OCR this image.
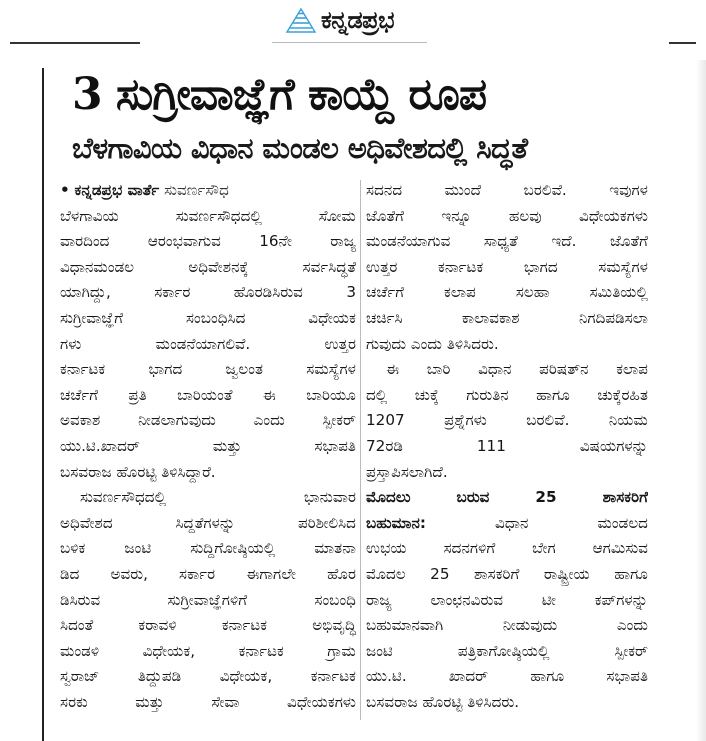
ಕನ್ನಡಪ್ರಭ
3 ಸುಗ್ರೀವಾಜ್ಞೆಗೆ ಕಾಯ್ದೆ ರೂಪ
ಬೆಳಗಾವಿಯ ವಿಧಾನ ಮಂಡಲ ಅಧಿವೇಶದಲ್ಲಿ ಸಿದ್ಧತೆ
• ಕನ್ನಡಪ್ರಭ ವಾರ್ತೆ ಸುವರ್ಣಸೌಧ
ಬೆಳಗಾವಿಯ ಸುವರ್ಣಸೌಧದಲ್ಲಿ ಸೋಮ
ವಾರದಿಂದ ಆರಂಭವಾಗುವ 16ನೇ ರಾಜ್ಯ
ವಿಧಾನಮಂಡಲ ಅಧಿವೇಶನಕ್ಕೆ ಸರ್ವಸಿದ್ಧತೆ
ಯಾಗಿದ್ದು, ಸರ್ಕಾರ ಹೊರಡಿಸಿರುವ 3
ಸುಗ್ರೀವಾಜ್ಞೆಗೆ ಸಂಬಂಧಿಸಿದ ವಿಧೇಯಕ
ಗಳು ಮಂಡನೆಯಾಗಲಿವೆ. ಉತ್ತರ
ಕರ್ನಾಟಕ ಭಾಗದ ಜ್ವಲಂತ ಸಮಸ್ಯೆಗಳ
ಚರ್ಚೆಗೆ ಪ್ರತಿ ಬಾರಿಯಂತೆ ಈ ಬಾರಿಯೂ
ಅವಕಾಶ ನೀಡಲಾಗುವುದು ಎಂದು ಸ್ಪೀಕರ್
ಯು.ಟಿ.ಖಾದರ್ ಮತ್ತು ಸಭಾಪತಿ
ಬಸವರಾಜ ಹೊರಟ್ಟಿ ತಿಳಿಸಿದ್ದಾರೆ.
ಸುವರ್ಣಸೌಧದಲ್ಲಿ ಭಾನುವಾರ
ಅಧಿವೇಶದ ಸಿದ್ದತೆಗಳನ್ನು ಪರಿಶೀಲಿಸಿದ
ಬಳಿಕ ಜಂಟಿ ಸುದ್ದಿಗೋಷ್ಠಿಯಲ್ಲಿ ಮಾತನಾ
ಡಿದ ಅವರು, ಸರ್ಕಾರ ಈಗಾಗಲೇ ಹೊರ
ಡಿಸಿರುವ ಸುಗ್ರೀವಾಜ್ಞೆಗಳಿಗೆ ಸಂಬಂಧಿ
ಸಿದಂತೆ ಕರಾವಳಿ ಕರ್ನಾಟಕ ಅಭಿವೃದ್ಧಿ
ಮಂಡಳಿ ವಿಧೇಯಕ, ಕರ್ನಾಟಕ ಗ್ರಾಮ
ಸ್ವರಾಜ್ ತಿದ್ದುಪಡಿ ವಿಧೇಯಕ, ಕರ್ನಾಟಕ
ಸರಕು ಮತ್ತು ಸೇವಾ ವಿಧೇಯಕಗಳು
ಸದನದ ಮುಂದೆ ಬರಲಿವೆ. ಇವುಗಳ
ಜೊತೆಗೆ ಇನ್ನೂ ಹಲವು ವಿಧೇಯಕಗಳು
ಮಂಡನೆಯಾಗುವ ಸಾಧ್ಯತೆ ಇದೆ. ಜೊತೆಗೆ
ಉತ್ತರ ಕರ್ನಾಟಕ ಭಾಗದ ಸಮಸ್ಯೆಗಳ
ಚರ್ಚೆಗೆ ಕಲಾಪ ಸಲಹಾ ಸಮಿತಿಯಲ್ಲಿ
ಚರ್ಚಿಸಿ ಕಾಲಾವಕಾಶ ನಿಗದಿಪಡಿಸಲಾ
ಗುವುದು ಎಂದು ತಿಳಿಸಿದರು.
ಈ ಬಾರಿ ವಿಧಾನ ಪರಿಷತ್‌ನ ಕಲಾಪ
ದಲ್ಲಿ ಚುಕ್ಕೆ ಗುರುತಿನ ಹಾಗೂ ಚುಕ್ಕೆರಹಿತ
1207 ಪ್ರಶ್ನೆಗಳು ಬರಲಿವೆ. ನಿಯಮ
72ರಡಿ 111 ವಿಷಯಗಳನ್ನು
ಪ್ರಸ್ತಾಪಿಸಲಾಗಿದೆ.
ಮೊದಲು ಬರುವ 25 ಶಾಸಕರಿಗೆ
ಬಹುಮಾನ: ವಿಧಾನ ಮಂಡಲದ
ಉಭಯ ಸದನಗಳಿಗೆ ಬೇಗ ಆಗಮಿಸುವ
ಮೊದಲ 25 ಶಾಸಕರಿಗೆ ರಾಷ್ಟ್ರೀಯ ಹಾಗೂ
ರಾಜ್ಯ ಲಾಂಛನವಿರುವ ಟೀ ಕಪ್‌ಗಳನ್ನು
ಬಹುಮಾನವಾಗಿ ನೀಡುವುದು ಎಂದು
ಜಂಟಿ ಪತ್ರಿಕಾಗೋಷ್ಠಿಯಲ್ಲಿ ಸ್ಪೀಕರ್
ಯು.ಟಿ. ಖಾದರ್ ಹಾಗೂ ಸಭಾಪತಿ
ಬಸವರಾಜ ಹೊರಟ್ಟಿ ತಿಳಿಸಿದರು.
